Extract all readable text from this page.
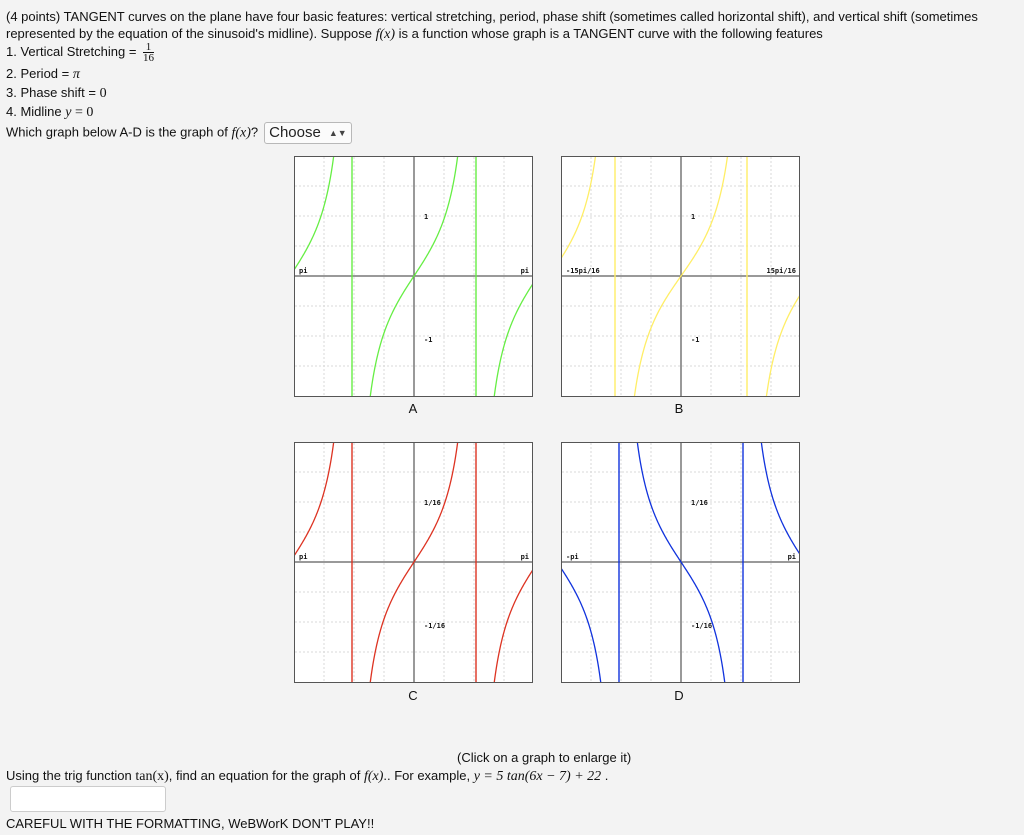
(4 points) TANGENT curves on the plane have four basic features: vertical stretching, period, phase shift (sometimes called horizontal shift), and vertical shift (sometimes
represented by the equation of the sinusoid's midline). Suppose f(x) is a function whose graph is a TANGENT curve with the following features
1. Vertical Stretching = $\frac{1}{16}$
2. Period = π
3. Phase shift = 0
4. Midline y = 0
Which graph below A-D is the graph of f(x)? Choose ▲▼
pi	pi
1
-1
A
-15pi/16	15pi/16
1
-1
B
pi	pi
1/16
-1/16
C
-pi	pi
1/16
-1/16
D
(Click on a graph to enlarge it)
Using the trig function tan(x), find an equation for the graph of f(x).. For example, y = 5 tan(6x − 7) + 22 .
CAREFUL WITH THE FORMATTING, WeBWorK DON'T PLAY!!
